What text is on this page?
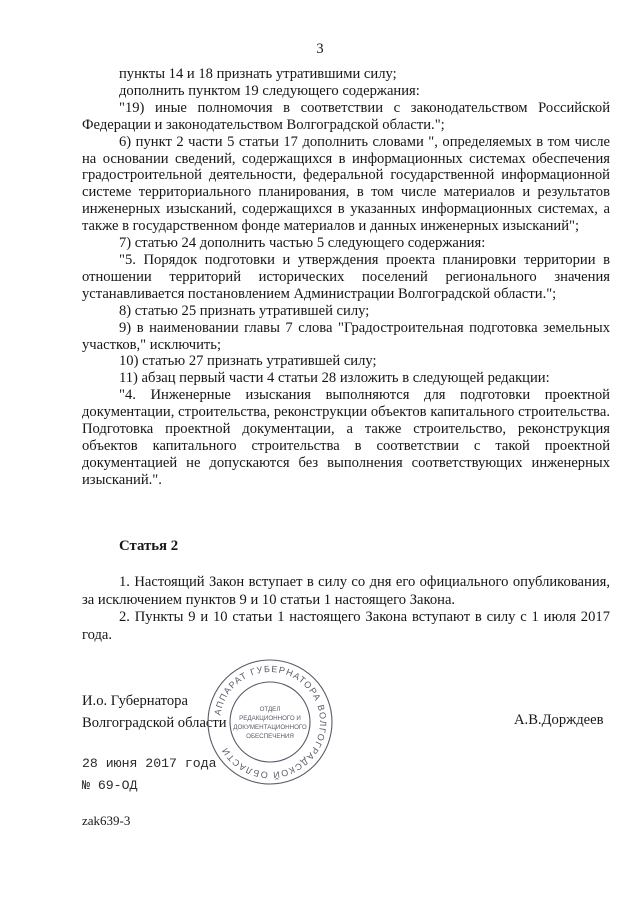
3

пункты 14 и 18 признать утратившими силу;

дополнить пунктом 19 следующего содержания:

"19) иные полномочия в соответствии с законодательством Российской Федерации и законодательством Волгоградской области.";

6) пункт 2 части 5 статьи 17 дополнить словами ", определяемых в том числе на основании сведений, содержащихся в информационных системах обеспечения градостроительной деятельности, федеральной государственной информационной системе территориального планирования, в том числе материалов и результатов инженерных изысканий, содержащихся в указанных информационных системах, а также в государственном фонде материалов и данных инженерных изысканий";

7) статью 24 дополнить частью 5 следующего содержания:

"5. Порядок подготовки и утверждения проекта планировки территории в отношении территорий исторических поселений регионального значения устанавливается постановлением Администрации Волгоградской области.";

8) статью 25 признать утратившей силу;

9) в наименовании главы 7 слова "Градостроительная подготовка земельных участков," исключить;

10) статью 27 признать утратившей силу;

11) абзац первый части 4 статьи 28 изложить в следующей редакции:

"4. Инженерные изыскания выполняются для подготовки проектной документации, строительства, реконструкции объектов капитального строительства. Подготовка проектной документации, а также строительство, реконструкция объектов капитального строительства в соответствии с такой проектной документацией не допускаются без выполнения соответствующих инженерных изысканий.".

Статья 2

1. Настоящий Закон вступает в силу со дня его официального опубликования, за исключением пунктов 9 и 10 статьи 1 настоящего Закона.

2. Пункты 9 и 10 статьи 1 настоящего Закона вступают в силу с 1 июля 2017 года.

И.о. Губернатора
Волгоградской области	А.В.Дорждеев
АППАРАТ ГУБЕРНАТОРА ВОЛГОГРАДСКОЙ ОБЛАСТИ
ОТДЕЛ
РЕДАКЦИОННОГО И
ДОКУМЕНТАЦИОННОГО
ОБЕСПЕЧЕНИЯ
28 июня 2017 года
№ 69-ОД
zak639-3
